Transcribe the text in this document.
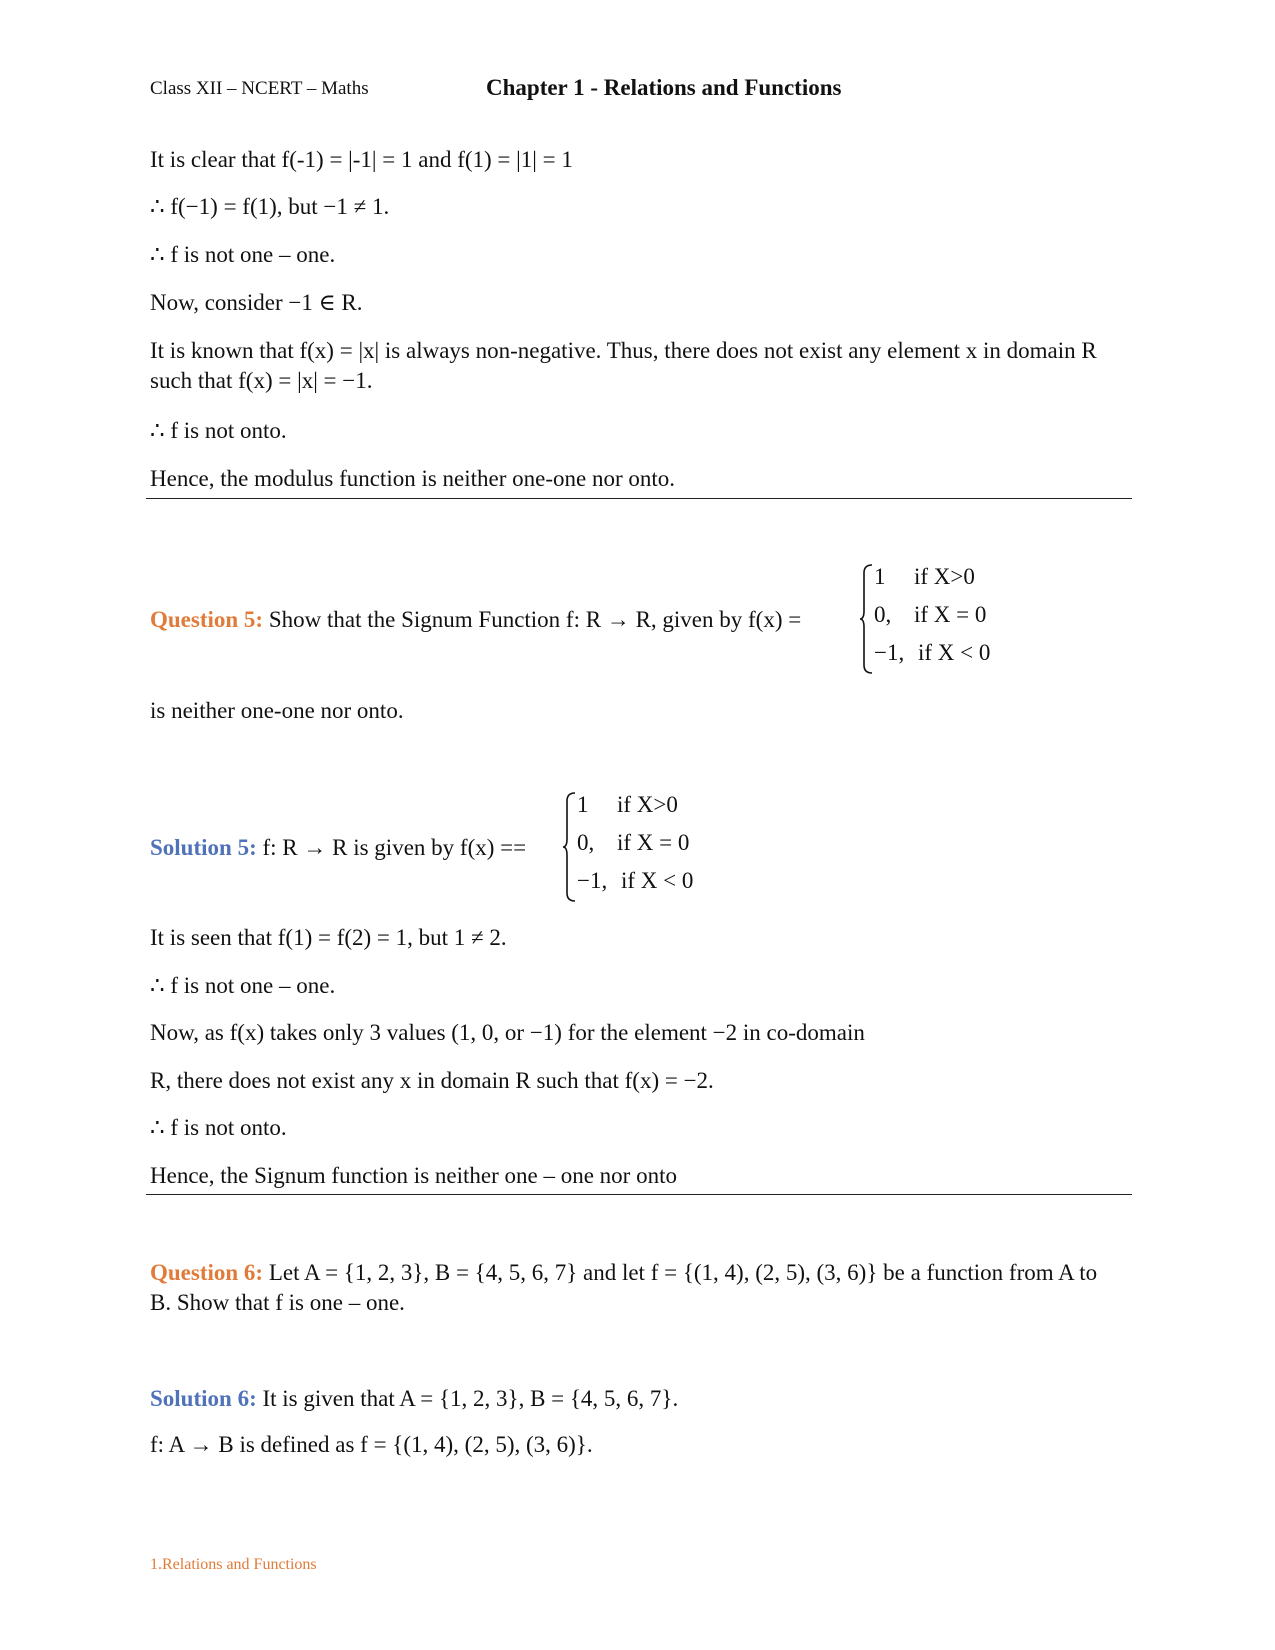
Class XII – NCERT – Maths	Chapter 1 - Relations and Functions
It is clear that f(-1) = |-1| = 1 and f(1) = |1| = 1
∴ f(−1) = f(1), but −1 ≠ 1.
∴ f is not one – one.
Now, consider −1 ∈ R.
It is known that f(x) = |x| is always non-negative. Thus, there does not exist any element x in domain R such that f(x) = |x| = −1.
∴ f is not onto.
Hence, the modulus function is neither one-one nor onto.
Question 5: Show that the Signum Function f: R → R, given by f(x) =
1 if X>0
0, if X = 0
−1, if X < 0
is neither one-one nor onto.
Solution 5: f: R → R is given by f(x) ==
1 if X>0
0, if X = 0
−1, if X < 0
It is seen that f(1) = f(2) = 1, but 1 ≠ 2.
∴ f is not one – one.
Now, as f(x) takes only 3 values (1, 0, or −1) for the element −2 in co-domain
R, there does not exist any x in domain R such that f(x) = −2.
∴ f is not onto.
Hence, the Signum function is neither one – one nor onto
Question 6: Let A = {1, 2, 3}, B = {4, 5, 6, 7} and let f = {(1, 4), (2, 5), (3, 6)} be a function from A to B. Show that f is one – one.
Solution 6: It is given that A = {1, 2, 3}, B = {4, 5, 6, 7}.
f: A → B is defined as f = {(1, 4), (2, 5), (3, 6)}.
1.Relations and Functions
